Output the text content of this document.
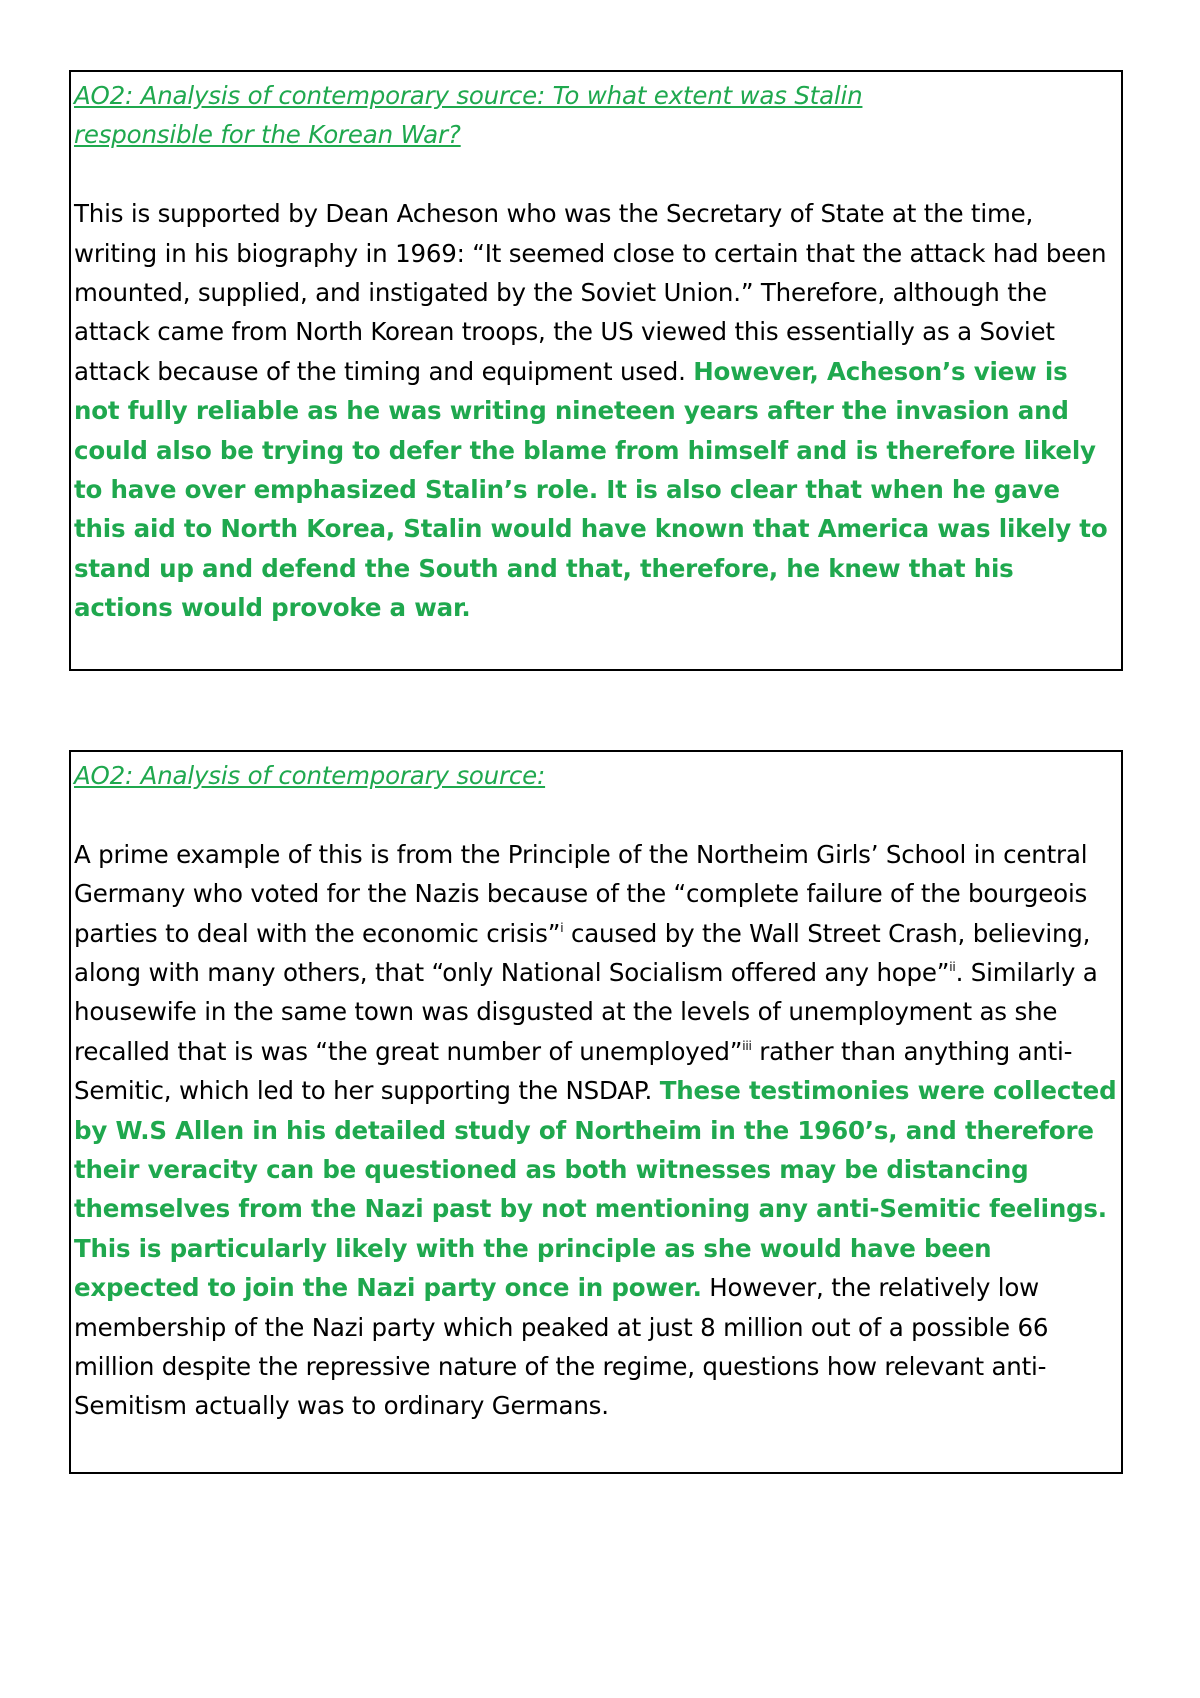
AO2: Analysis of contemporary source: To what extent was Stalin
responsible for the Korean War?
This is supported by Dean Acheson who was the Secretary of State at the time, writing in his biography in 1969: “It seemed close to certain that the attack had been mounted, supplied, and instigated by the Soviet Union.” Therefore, although the attack came from North Korean troops, the US viewed this essentially as a Soviet attack because of the timing and equipment used. However, Acheson’s view is not fully reliable as he was writing nineteen years after the invasion and could also be trying to defer the blame from himself and is therefore likely to have over emphasized Stalin’s role. It is also clear that when he gave this aid to North Korea, Stalin would have known that America was likely to stand up and defend the South and that, therefore, he knew that his actions would provoke a war.
AO2: Analysis of contemporary source:
A prime example of this is from the Principle of the Northeim Girls’ School in central Germany who voted for the Nazis because of the “complete failure of the bourgeois parties to deal with the economic crisis”$^i$ caused by the Wall Street Crash, believing, along with many others, that “only National Socialism offered any hope”$^{ii}$. Similarly a housewife in the same town was disgusted at the levels of unemployment as she recalled that is was “the great number of unemployed”$^{iii}$ rather than anything anti-Semitic, which led to her supporting the NSDAP. These testimonies were collected by W.S Allen in his detailed study of Northeim in the 1960’s, and therefore their veracity can be questioned as both witnesses may be distancing themselves from the Nazi past by not mentioning any anti-Semitic feelings. This is particularly likely with the principle as she would have been expected to join the Nazi party once in power. However, the relatively low membership of the Nazi party which peaked at just 8 million out of a possible 66 million despite the repressive nature of the regime, questions how relevant anti-Semitism actually was to ordinary Germans.
